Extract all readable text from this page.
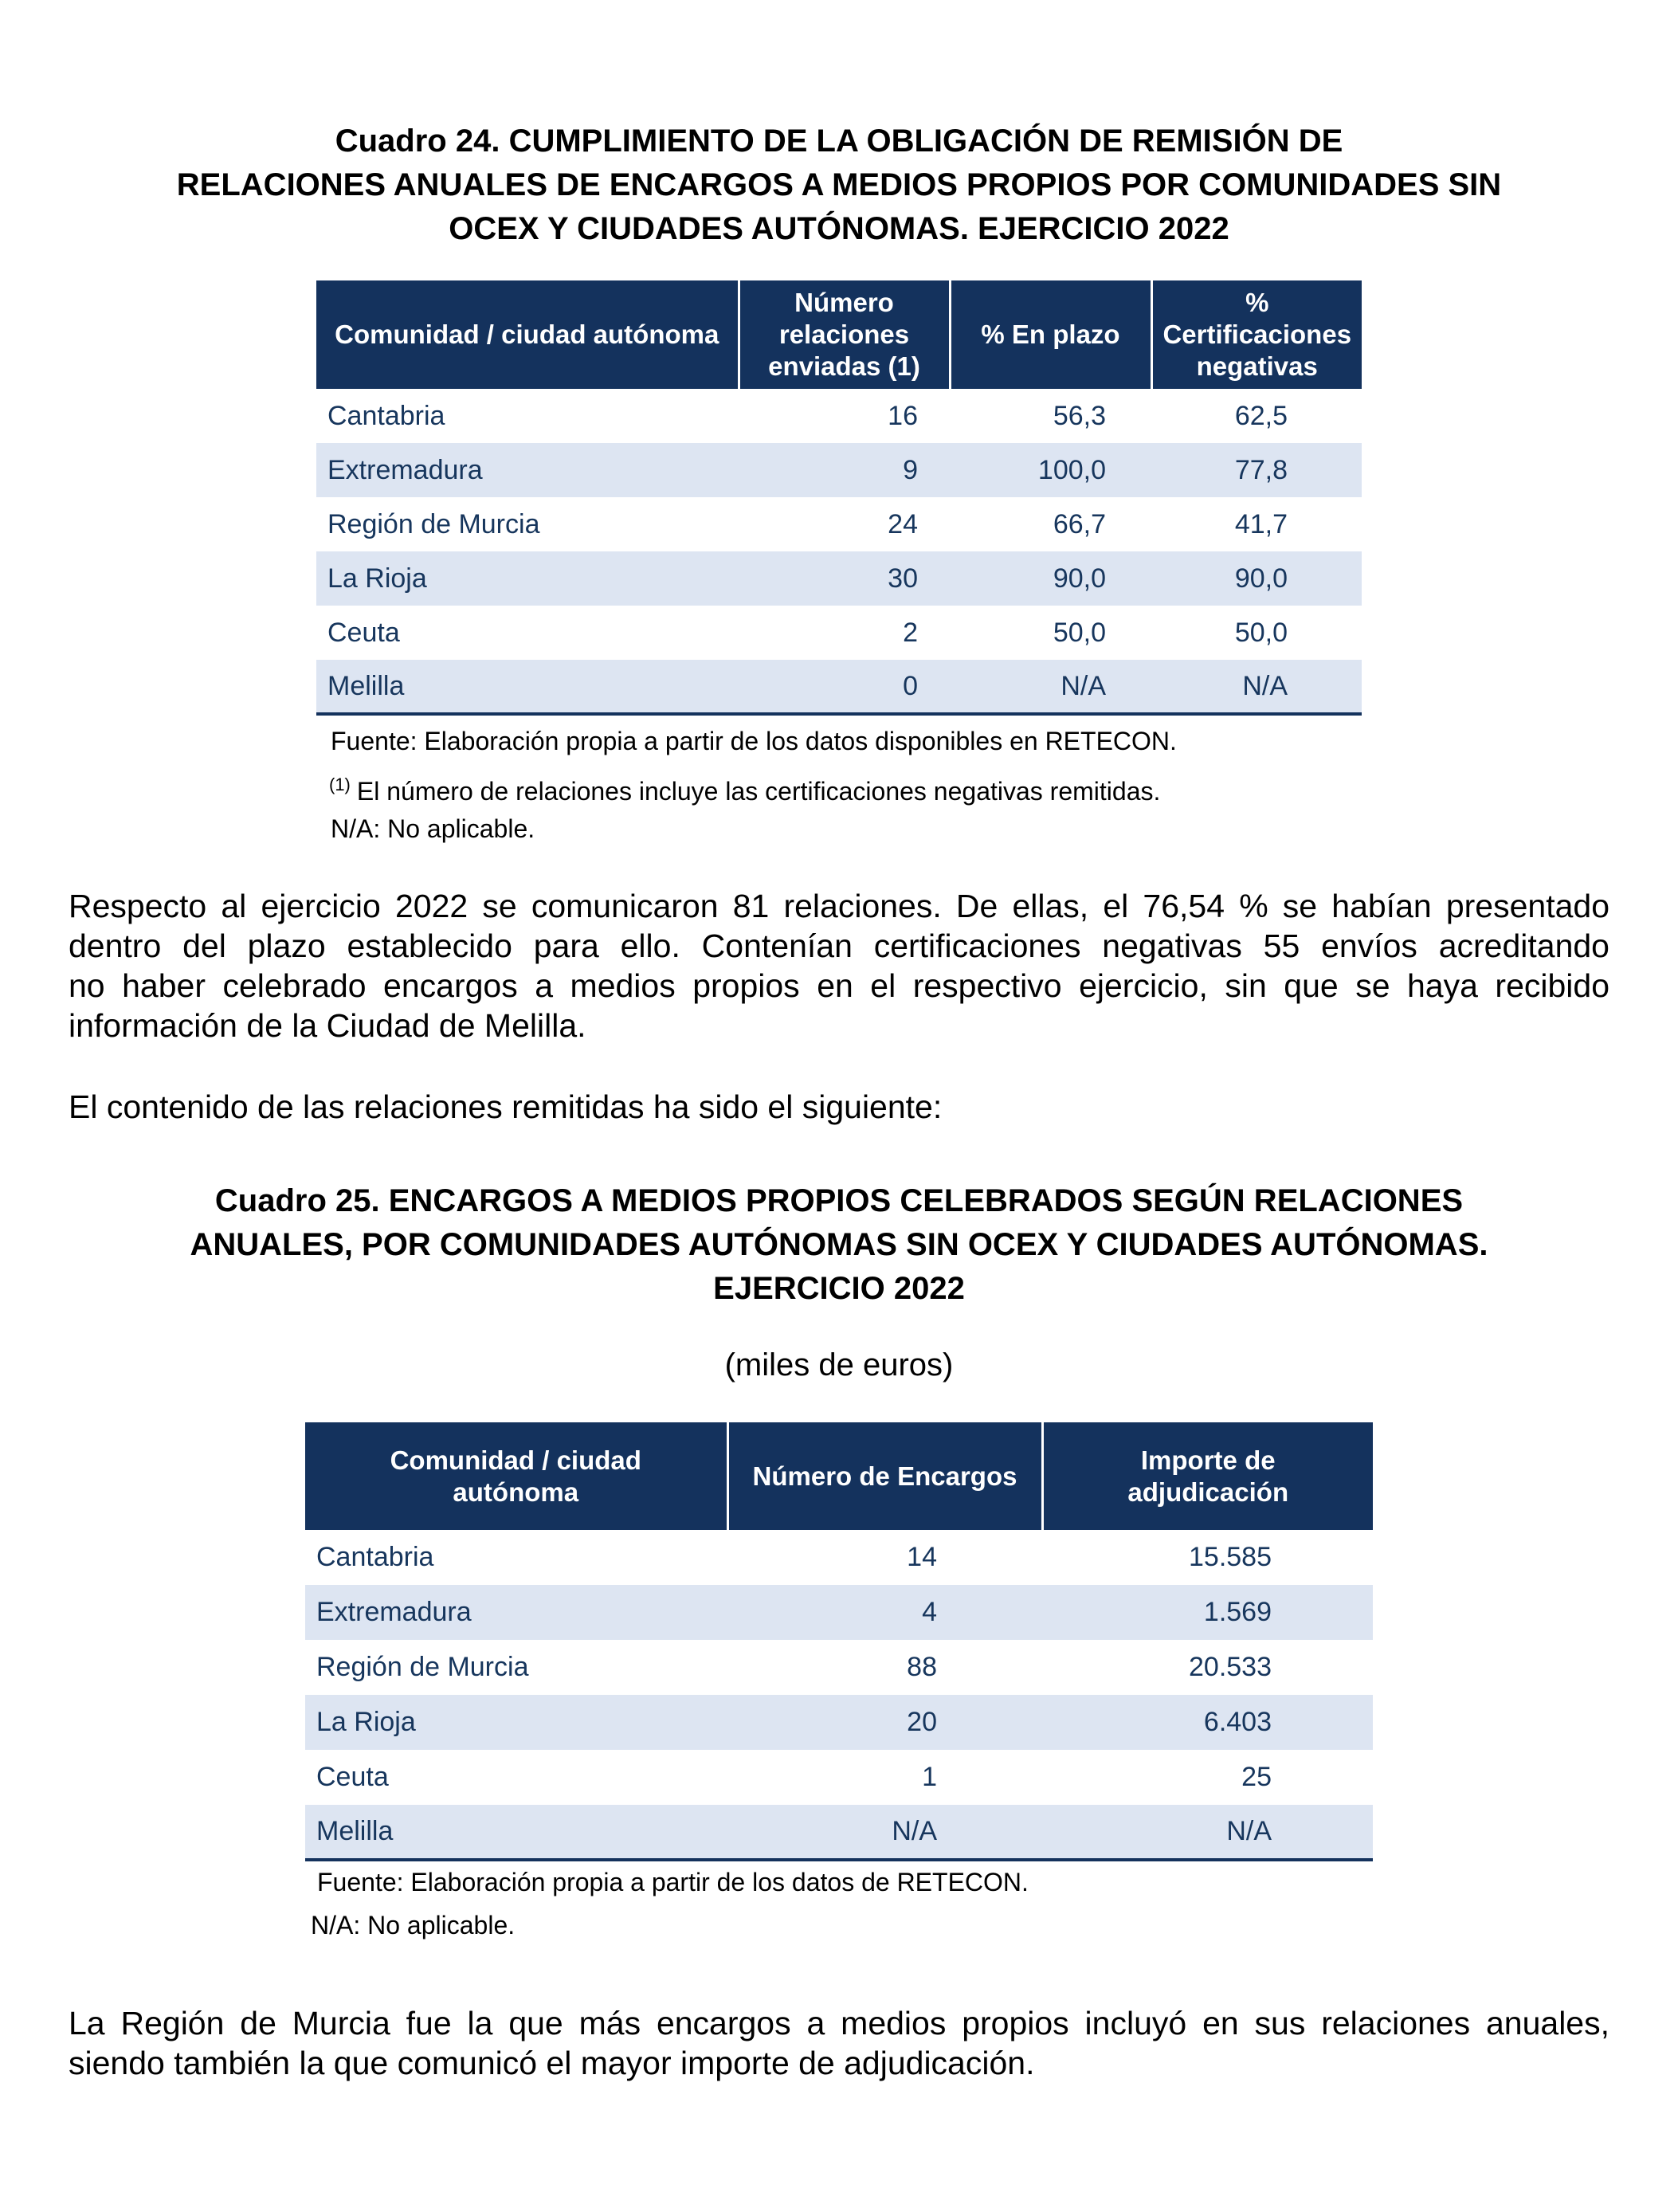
Cuadro 24. CUMPLIMIENTO DE LA OBLIGACIÓN DE REMISIÓN DE
RELACIONES ANUALES DE ENCARGOS A MEDIOS PROPIOS POR COMUNIDADES SIN
OCEX Y CIUDADES AUTÓNOMAS. EJERCICIO 2022
Comunidad / ciudad autónoma	Número relaciones enviadas (1)	% En plazo	% Certificaciones negativas
Cantabria	16	56,3	62,5
Extremadura	9	100,0	77,8
Región de Murcia	24	66,7	41,7
La Rioja	30	90,0	90,0
Ceuta	2	50,0	50,0
Melilla	0	N/A	N/A
Fuente: Elaboración propia a partir de los datos disponibles en RETECON.
$^{(1)}$ El número de relaciones incluye las certificaciones negativas remitidas.
N/A: No aplicable.
Respecto al ejercicio 2022 se comunicaron 81 relaciones. De ellas, el 76,54 % se habían presentado
dentro del plazo establecido para ello. Contenían certificaciones negativas 55 envíos acreditando
no haber celebrado encargos a medios propios en el respectivo ejercicio, sin que se haya recibido
información de la Ciudad de Melilla.
El contenido de las relaciones remitidas ha sido el siguiente:
Cuadro 25. ENCARGOS A MEDIOS PROPIOS CELEBRADOS SEGÚN RELACIONES
ANUALES, POR COMUNIDADES AUTÓNOMAS SIN OCEX Y CIUDADES AUTÓNOMAS.
EJERCICIO 2022
(miles de euros)
Comunidad / ciudad autónoma	Número de Encargos	Importe de adjudicación
Cantabria	14	15.585
Extremadura	4	1.569
Región de Murcia	88	20.533
La Rioja	20	6.403
Ceuta	1	25
Melilla	N/A	N/A
Fuente: Elaboración propia a partir de los datos de RETECON.
N/A: No aplicable.
La Región de Murcia fue la que más encargos a medios propios incluyó en sus relaciones anuales,
siendo también la que comunicó el mayor importe de adjudicación.
